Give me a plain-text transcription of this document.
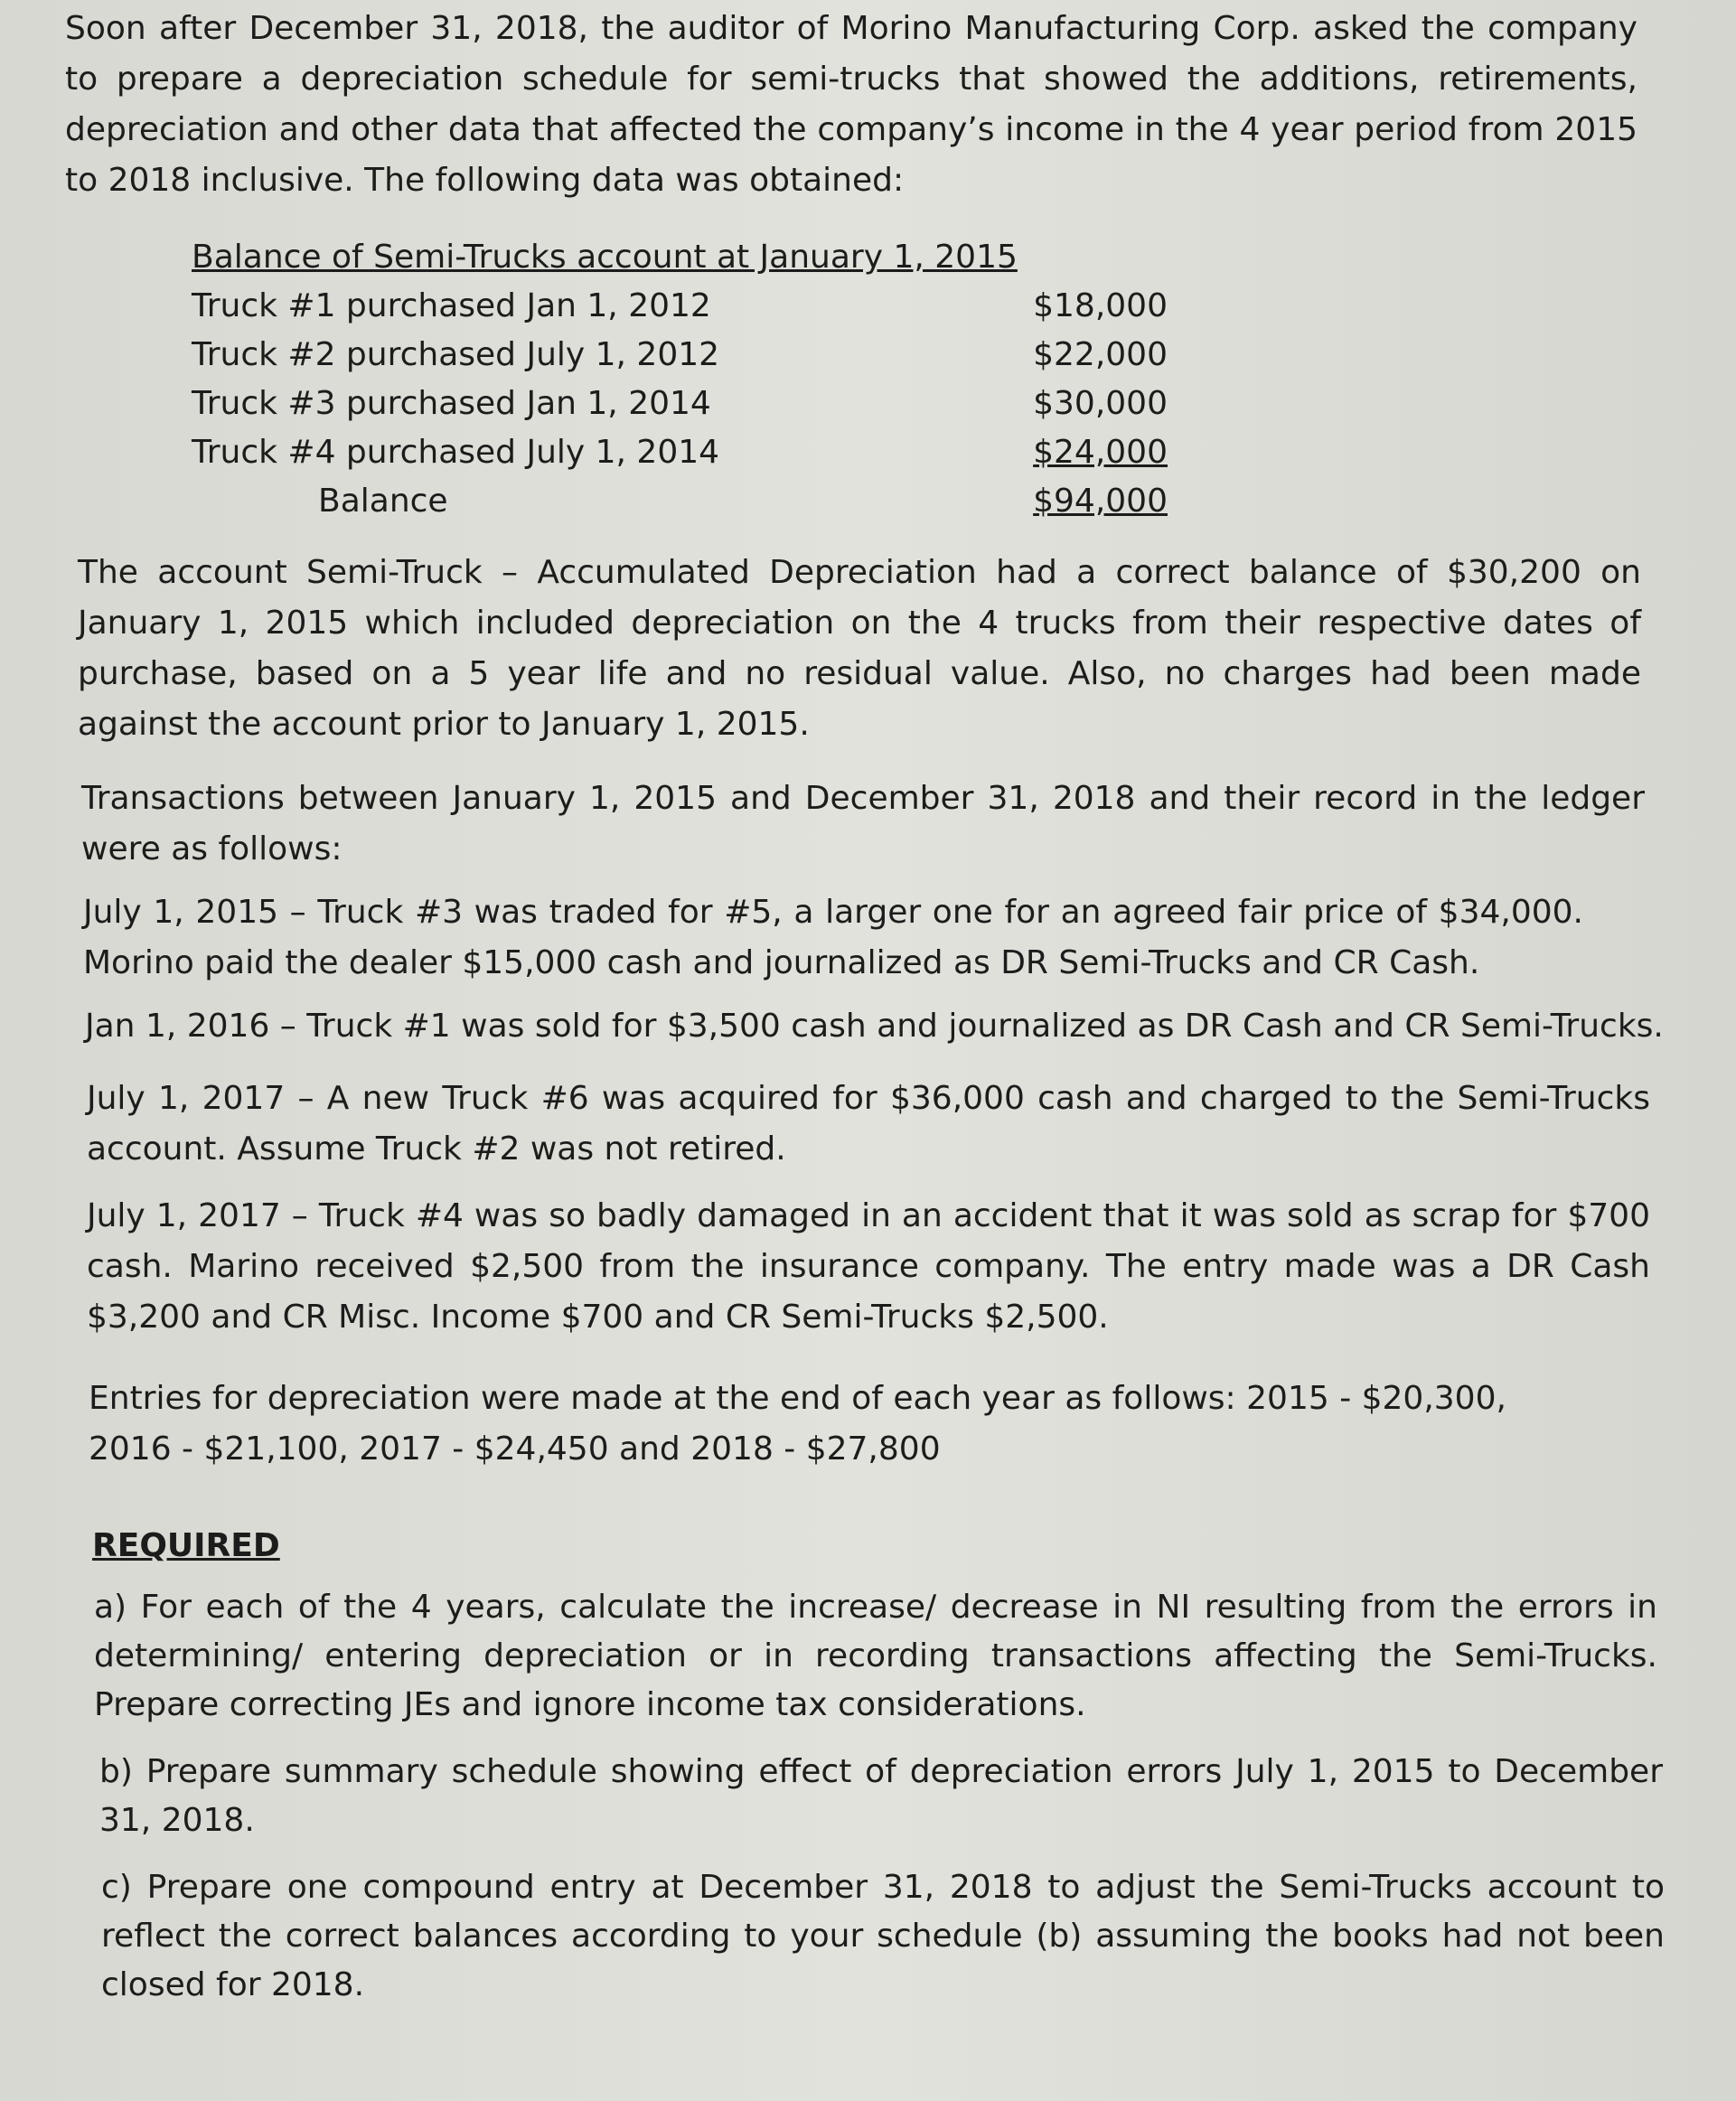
Soon after December 31, 2018, the auditor of Morino Manufacturing Corp. asked the company to prepare a depreciation schedule for semi-trucks that showed the additions, retirements, depreciation and other data that affected the company’s income in the 4 year period from 2015 to 2018 inclusive. The following data was obtained:

Balance of Semi-Trucks account at January 1, 2015
Truck #1 purchased Jan 1, 2012	$18,000
Truck #2 purchased July 1, 2012	$22,000
Truck #3 purchased Jan 1, 2014	$30,000
Truck #4 purchased July 1, 2014	$24,000
Balance	$94,000

The account Semi-Truck – Accumulated Depreciation had a correct balance of $30,200 on January 1, 2015 which included depreciation on the 4 trucks from their respective dates of purchase, based on a 5 year life and no residual value. Also, no charges had been made against the account prior to January 1, 2015.

Transactions between January 1, 2015 and December 31, 2018 and their record in the ledger were as follows:

July 1, 2015 – Truck #3 was traded for #5, a larger one for an agreed fair price of $34,000. Morino paid the dealer $15,000 cash and journalized as DR Semi-Trucks and CR Cash.

Jan 1, 2016 – Truck #1 was sold for $3,500 cash and journalized as DR Cash and CR Semi-Trucks.

July 1, 2017 – A new Truck #6 was acquired for $36,000 cash and charged to the Semi-Trucks account. Assume Truck #2 was not retired.

July 1, 2017 – Truck #4 was so badly damaged in an accident that it was sold as scrap for $700 cash. Marino received $2,500 from the insurance company. The entry made was a DR Cash $3,200 and CR Misc. Income $700 and CR Semi-Trucks $2,500.

Entries for depreciation were made at the end of each year as follows: 2015 - $20,300, 2016 - $21,100, 2017 - $24,450 and 2018 - $27,800

REQUIRED

a) For each of the 4 years, calculate the increase/ decrease in NI resulting from the errors in determining/ entering depreciation or in recording transactions affecting the Semi-Trucks. Prepare correcting JEs and ignore income tax considerations.

b) Prepare summary schedule showing effect of depreciation errors July 1, 2015 to December 31, 2018.

c) Prepare one compound entry at December 31, 2018 to adjust the Semi-Trucks account to reflect the correct balances according to your schedule (b) assuming the books had not been closed for 2018.
